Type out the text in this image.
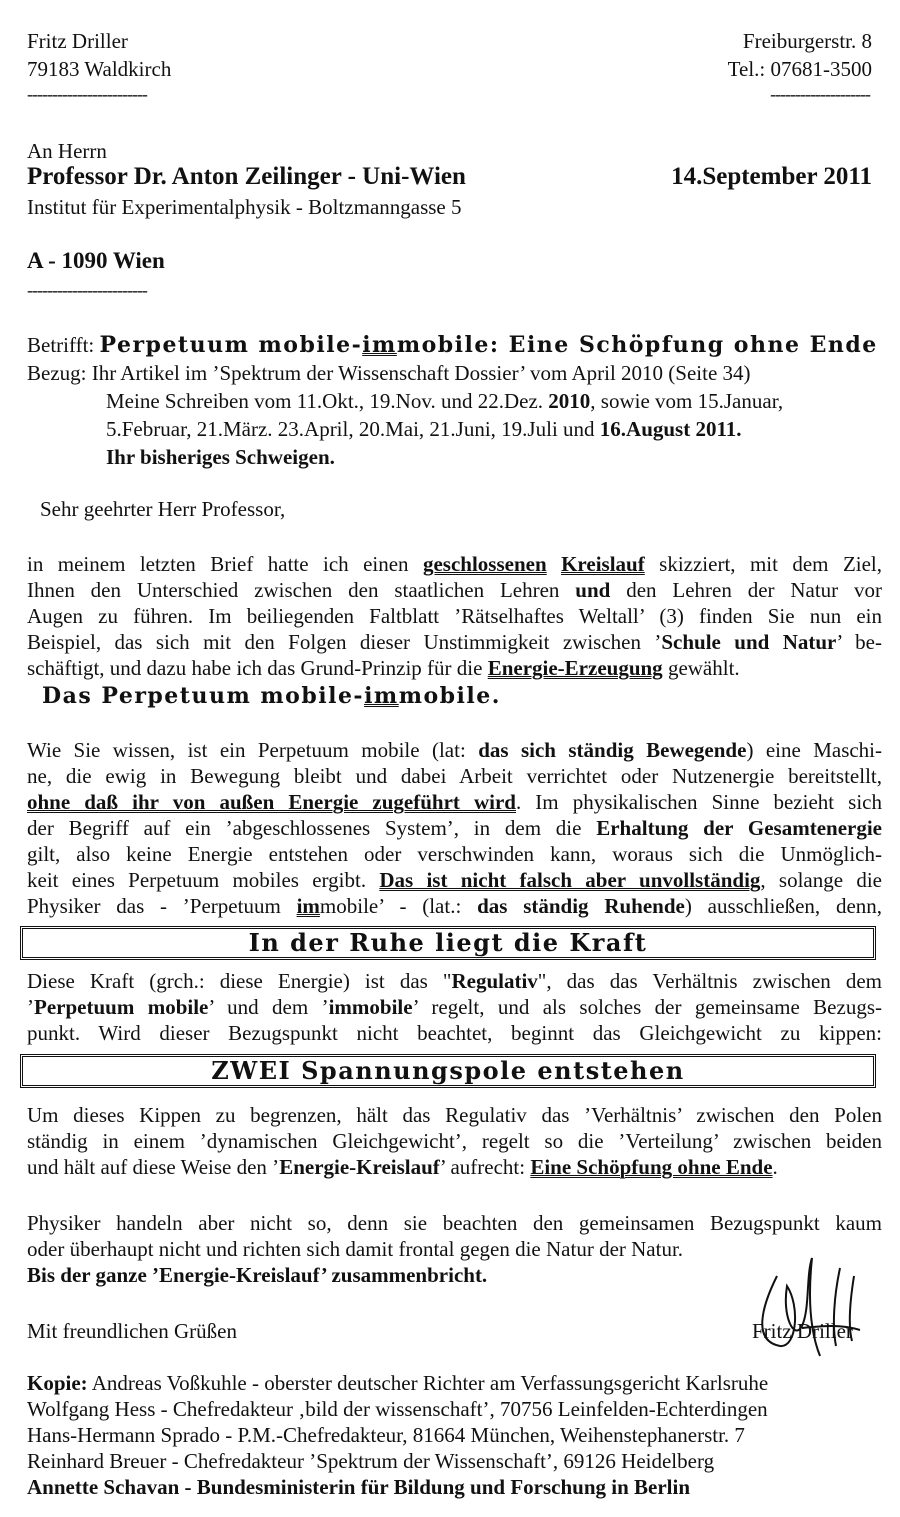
Fritz Driller
79183 Waldkirch
------------------------
Freiburgerstr. 8
Tel.: 07681-3500
--------------------
An Herrn
Professor Dr. Anton Zeilinger - Uni-Wien	14.September 2011
Institut für Experimentalphysik - Boltzmanngasse 5
A - 1090 Wien
------------------------
Betrifft: Perpetuum mobile-immobile: Eine Schöpfung ohne Ende
Bezug: Ihr Artikel im ’Spektrum der Wissenschaft Dossier’ vom April 2010 (Seite 34)
Meine Schreiben vom 11.Okt., 19.Nov. und 22.Dez. 2010, sowie vom 15.Januar,
5.Februar, 21.März. 23.April, 20.Mai, 21.Juni, 19.Juli und 16.August 2011.
Ihr bisheriges Schweigen.
Sehr geehrter Herr Professor,
in meinem letzten Brief hatte ich einen geschlossenen Kreislauf skizziert, mit dem Ziel,
Ihnen den Unterschied zwischen den staatlichen Lehren und den Lehren der Natur vor
Augen zu führen. Im beiliegenden Faltblatt ’Rätselhaftes Weltall’ (3) finden Sie nun ein
Beispiel, das sich mit den Folgen dieser Unstimmigkeit zwischen ’Schule und Natur’ be-
schäftigt, und dazu habe ich das Grund-Prinzip für die Energie-Erzeugung gewählt.
Das Perpetuum mobile-immobile.
Wie Sie wissen, ist ein Perpetuum mobile (lat: das sich ständig Bewegende) eine Maschi-
ne, die ewig in Bewegung bleibt und dabei Arbeit verrichtet oder Nutzenergie bereitstellt,
ohne daß ihr von außen Energie zugeführt wird. Im physikalischen Sinne bezieht sich
der Begriff auf ein ’abgeschlossenes System’, in dem die Erhaltung der Gesamtenergie
gilt, also keine Energie entstehen oder verschwinden kann, woraus sich die Unmöglich-
keit eines Perpetuum mobiles ergibt. Das ist nicht falsch aber unvollständig, solange die
Physiker das - ’Perpetuum immobile’ - (lat.: das ständig Ruhende) ausschließen, denn,
In der Ruhe liegt die Kraft
Diese Kraft (grch.: diese Energie) ist das "Regulativ", das das Verhältnis zwischen dem
’Perpetuum mobile’ und dem ’immobile’ regelt, und als solches der gemeinsame Bezugs-
punkt. Wird dieser Bezugspunkt nicht beachtet, beginnt das Gleichgewicht zu kippen:
ZWEI Spannungspole entstehen
Um dieses Kippen zu begrenzen, hält das Regulativ das ’Verhältnis’ zwischen den Polen
ständig in einem ’dynamischen Gleichgewicht’, regelt so die ’Verteilung’ zwischen beiden
und hält auf diese Weise den ’Energie-Kreislauf’ aufrecht: Eine Schöpfung ohne Ende.
Physiker handeln aber nicht so, denn sie beachten den gemeinsamen Bezugspunkt kaum
oder überhaupt nicht und richten sich damit frontal gegen die Natur der Natur.
Bis der ganze ’Energie-Kreislauf’ zusammenbricht.
Mit freundlichen Grüßen	Fritz Driller
Kopie: Andreas Voßkuhle - oberster deutscher Richter am Verfassungsgericht Karlsruhe
Wolfgang Hess - Chefredakteur ‚bild der wissenschaft’, 70756 Leinfelden-Echterdingen
Hans-Hermann Sprado - P.M.-Chefredakteur, 81664 München, Weihenstephanerstr. 7
Reinhard Breuer - Chefredakteur ’Spektrum der Wissenschaft’, 69126 Heidelberg
Annette Schavan - Bundesministerin für Bildung und Forschung in Berlin
